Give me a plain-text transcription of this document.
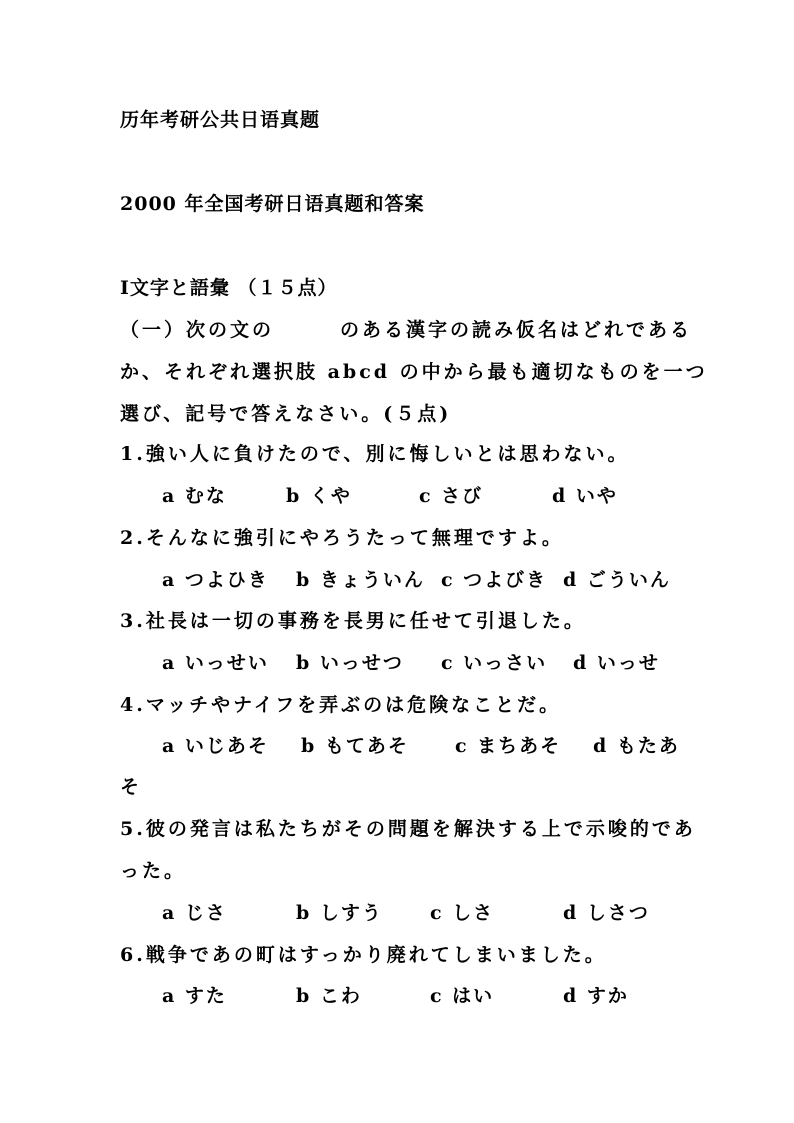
历年考研公共日语真题
2000 年全国考研日语真题和答案
Ⅰ文字と語彙 （１５点）
（一）次の文の　　　のある漢字の読み仮名はどれである
か、それぞれ選択肢 abcd の中から最も適切なものを一つ
選び、記号で答えなさい。(５点)
1.強い人に負けたので、別に悔しいとは思わない。
a むな	b くや	c さび	d いや
2.そんなに強引にやろうたって無理ですよ。
a つよひき b きょういん c つよびき d ごういん
3.社長は一切の事務を長男に任せて引退した。
a いっせい b いっせつ c いっさい d いっせ
4.マッチやナイフを弄ぶのは危険なことだ。
a いじあそ b もてあそ c まちあそ d もたあ
そ
5.彼の発言は私たちがその問題を解決する上で示唆的であ
った。
a じさ	b しすう c しさ	d しさつ
6.戦争であの町はすっかり廃れてしまいました。
a すた	b こわ	c はい	d すか
